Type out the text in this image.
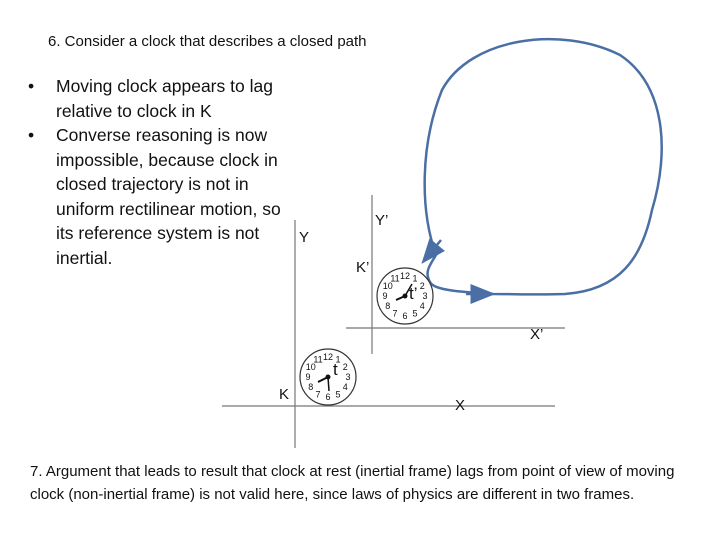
6. Consider a clock that describes a closed path
• Moving clock appears to lag relative to clock in K
• Converse reasoning is now impossible, because clock in closed trajectory is not in uniform rectilinear motion, so its reference system is not inertial.
10
9
8
7 6 5
4
3
2
1
12
11
10
9
8
7 6 5
4
3
2
1
12
11
K
Y
X
K’
Y’
X’
t
t’
7. Argument that leads to result that clock at rest (inertial frame) lags from point of view of moving clock (non-inertial frame) is not valid here, since laws of physics are different in two frames.
